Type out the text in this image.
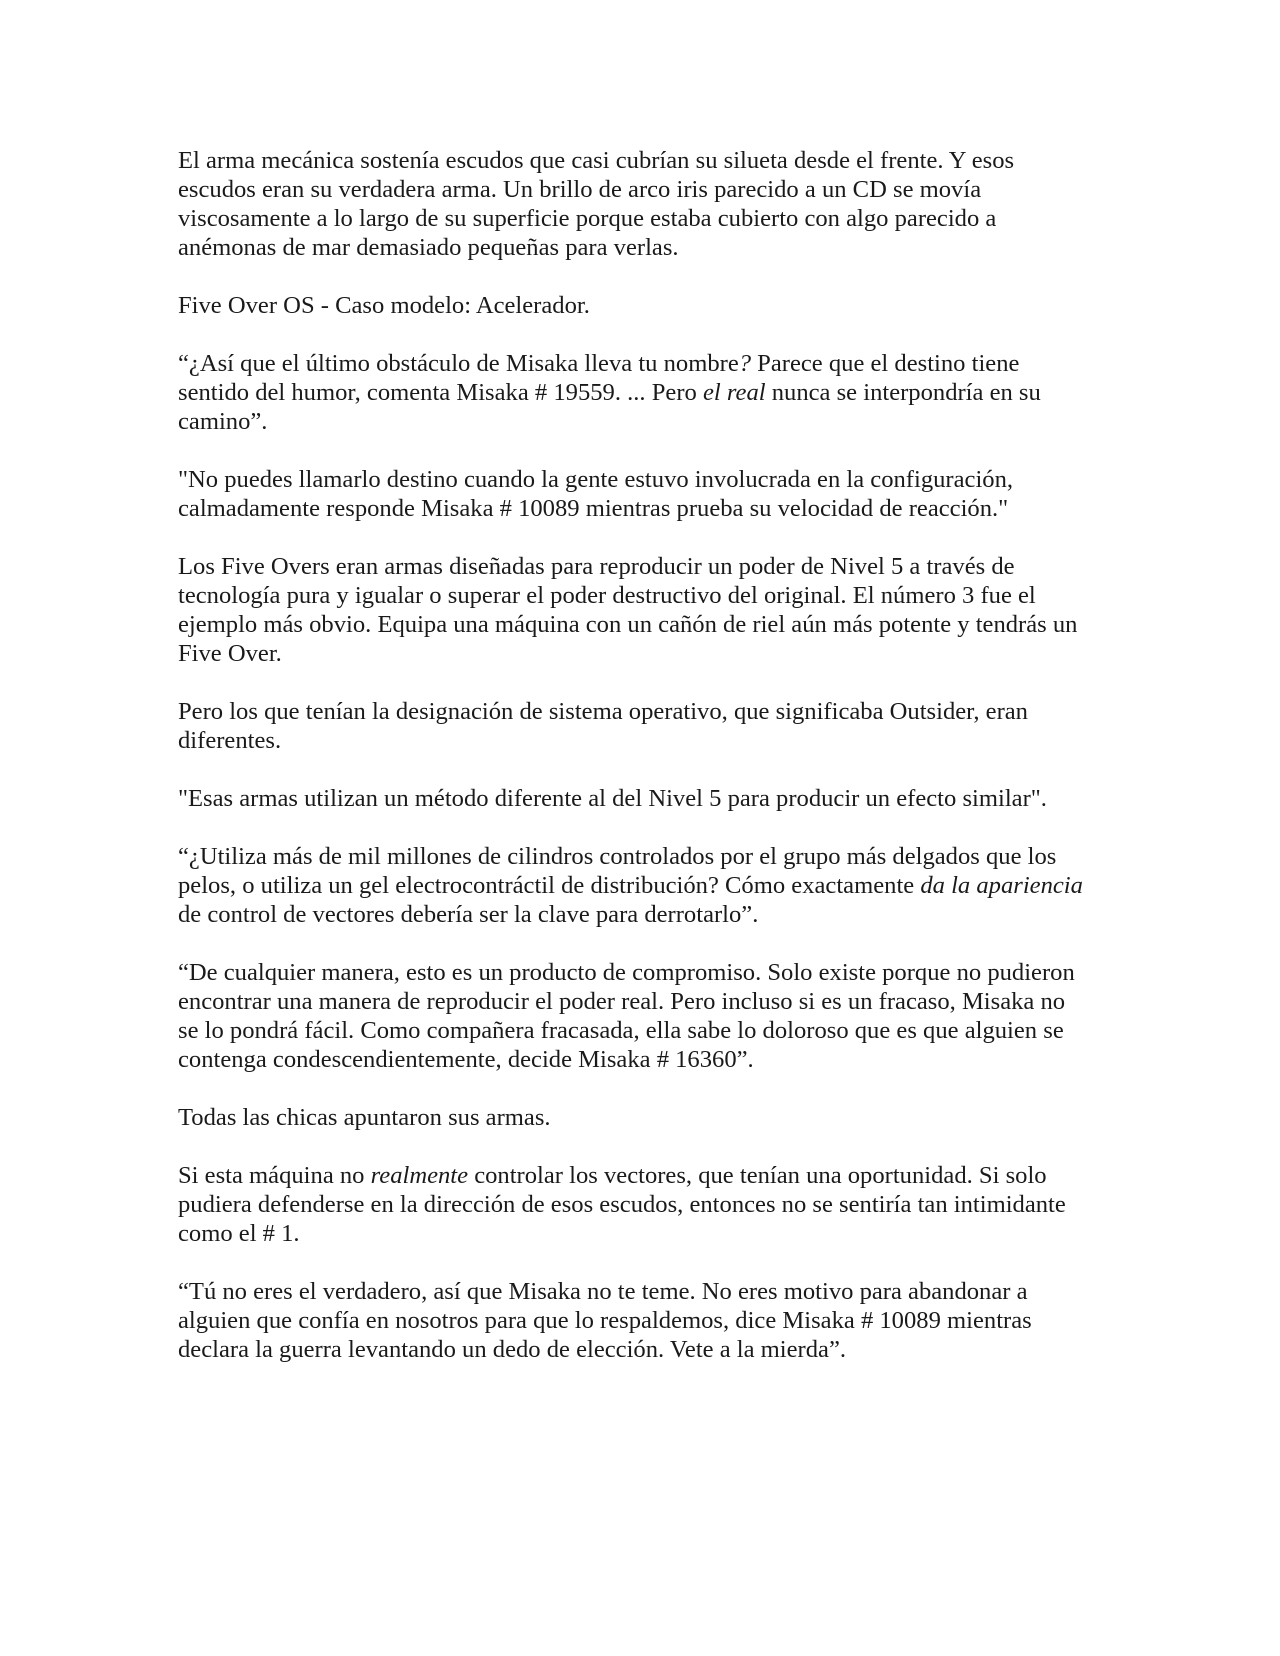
El arma mecánica sostenía escudos que casi cubrían su silueta desde el frente. Y esos
escudos eran su verdadera arma. Un brillo de arco iris parecido a un CD se movía
viscosamente a lo largo de su superficie porque estaba cubierto con algo parecido a
anémonas de mar demasiado pequeñas para verlas.

Five Over OS - Caso modelo: Acelerador.

“¿Así que el último obstáculo de Misaka lleva tu nombre? Parece que el destino tiene
sentido del humor, comenta Misaka # 19559. ... Pero el real nunca se interpondría en su
camino”.

"No puedes llamarlo destino cuando la gente estuvo involucrada en la configuración,
calmadamente responde Misaka # 10089 mientras prueba su velocidad de reacción."

Los Five Overs eran armas diseñadas para reproducir un poder de Nivel 5 a través de
tecnología pura y igualar o superar el poder destructivo del original. El número 3 fue el
ejemplo más obvio. Equipa una máquina con un cañón de riel aún más potente y tendrás un
Five Over.

Pero los que tenían la designación de sistema operativo, que significaba Outsider, eran
diferentes.

"Esas armas utilizan un método diferente al del Nivel 5 para producir un efecto similar".

“¿Utiliza más de mil millones de cilindros controlados por el grupo más delgados que los
pelos, o utiliza un gel electrocontráctil de distribución? Cómo exactamente da la apariencia
de control de vectores debería ser la clave para derrotarlo”.

“De cualquier manera, esto es un producto de compromiso. Solo existe porque no pudieron
encontrar una manera de reproducir el poder real. Pero incluso si es un fracaso, Misaka no
se lo pondrá fácil. Como compañera fracasada, ella sabe lo doloroso que es que alguien se
contenga condescendientemente, decide Misaka # 16360”.

Todas las chicas apuntaron sus armas.

Si esta máquina no realmente controlar los vectores, que tenían una oportunidad. Si solo
pudiera defenderse en la dirección de esos escudos, entonces no se sentiría tan intimidante
como el # 1.

“Tú no eres el verdadero, así que Misaka no te teme. No eres motivo para abandonar a
alguien que confía en nosotros para que lo respaldemos, dice Misaka # 10089 mientras
declara la guerra levantando un dedo de elección. Vete a la mierda”.
